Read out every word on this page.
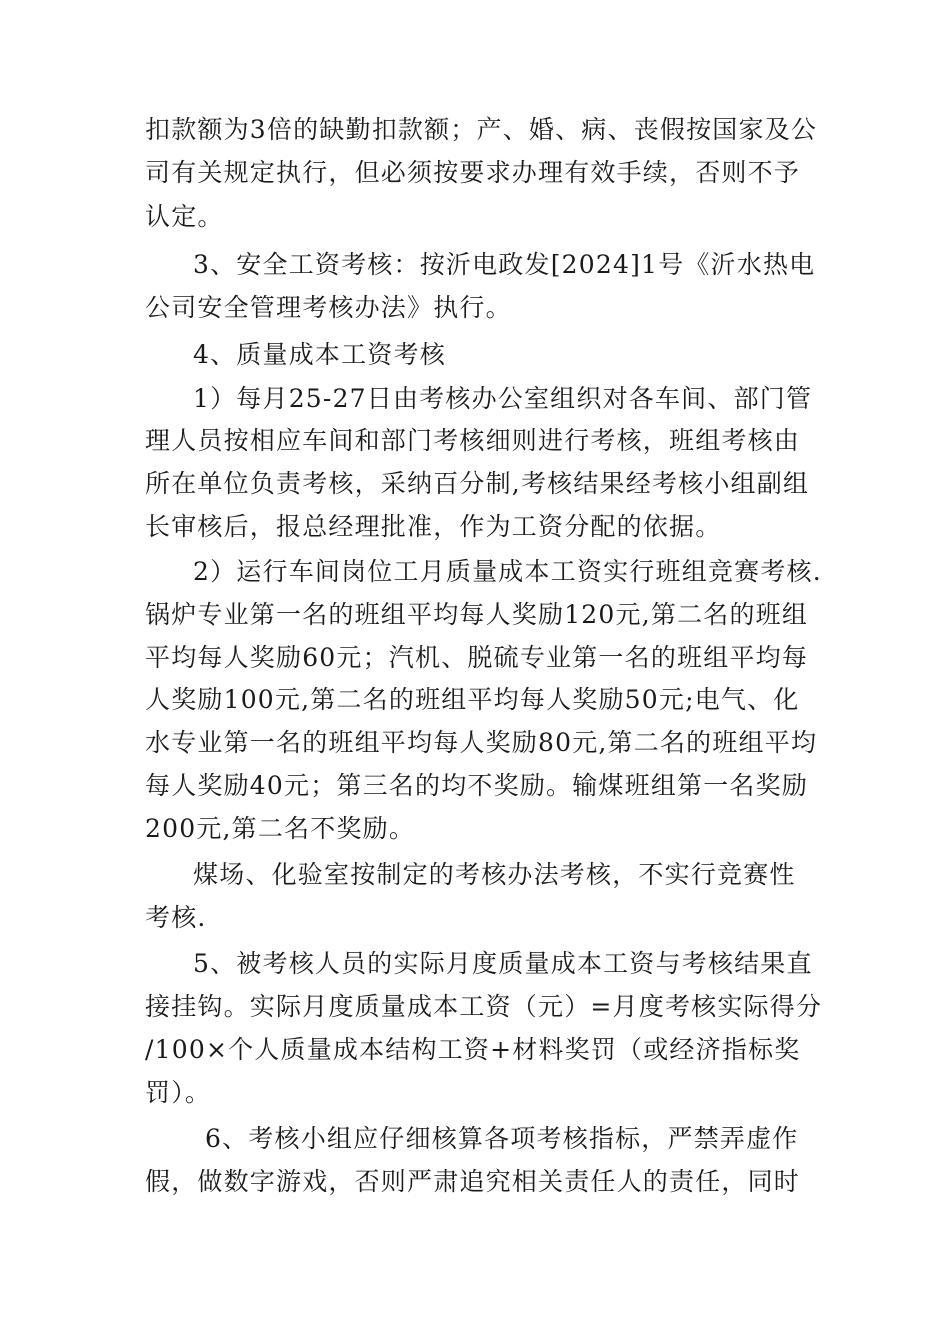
扣款额为3倍的缺勤扣款额；产、婚、病、丧假按国家及公
司有关规定执行，但必须按要求办理有效手续，否则不予
认定。
3、安全工资考核：按沂电政发[2024]1号《沂水热电
公司安全管理考核办法》执行。
4、质量成本工资考核
1）每月25-27日由考核办公室组织对各车间、部门管
理人员按相应车间和部门考核细则进行考核，班组考核由
所在单位负责考核，采纳百分制,考核结果经考核小组副组
长审核后，报总经理批准，作为工资分配的依据。
2）运行车间岗位工月质量成本工资实行班组竞赛考核.
锅炉专业第一名的班组平均每人奖励120元,第二名的班组
平均每人奖励60元；汽机、脱硫专业第一名的班组平均每
人奖励100元,第二名的班组平均每人奖励50元;电气、化
水专业第一名的班组平均每人奖励80元,第二名的班组平均
每人奖励40元；第三名的均不奖励。输煤班组第一名奖励
200元,第二名不奖励。
煤场、化验室按制定的考核办法考核，不实行竞赛性
考核.
5、被考核人员的实际月度质量成本工资与考核结果直
接挂钩。实际月度质量成本工资（元）=月度考核实际得分
/100×个人质量成本结构工资+材料奖罚（或经济指标奖
罚）。
6、考核小组应仔细核算各项考核指标，严禁弄虚作
假，做数字游戏，否则严肃追究相关责任人的责任，同时
